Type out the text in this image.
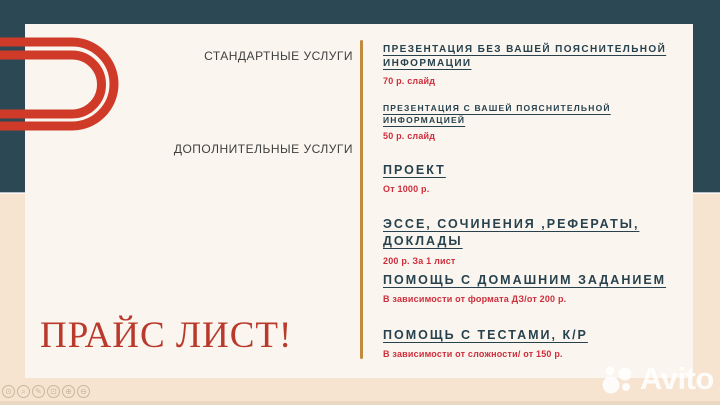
СТАНДАРТНЫЕ УСЛУГИ
ДОПОЛНИТЕЛЬНЫЕ УСЛУГИ
ПРЕЗЕНТАЦИЯ БЕЗ ВАШЕЙ ПОЯСНИТЕЛЬНОЙ ИНФОРМАЦИИ
70 р. слайд
ПРЕЗЕНТАЦИЯ С ВАШЕЙ ПОЯСНИТЕЛЬНОЙ ИНФОРМАЦИЕЙ
50 р. слайд
ПРОЕКТ
От 1000 р.
ЭССЕ, СОЧИНЕНИЯ ,РЕФЕРАТЫ, ДОКЛАДЫ
200 р. За 1 лист
ПОМОЩЬ С ДОМАШНИМ ЗАДАНИЕМ
В зависимости от формата ДЗ/от 200 р.
ПОМОЩЬ С ТЕСТАМИ, К/Р
В зависимости от сложности/ от 150 р.
ПРАЙС ЛИСТ!
⊙	⌕	✎	⊡	⊕	⊖	Avito
